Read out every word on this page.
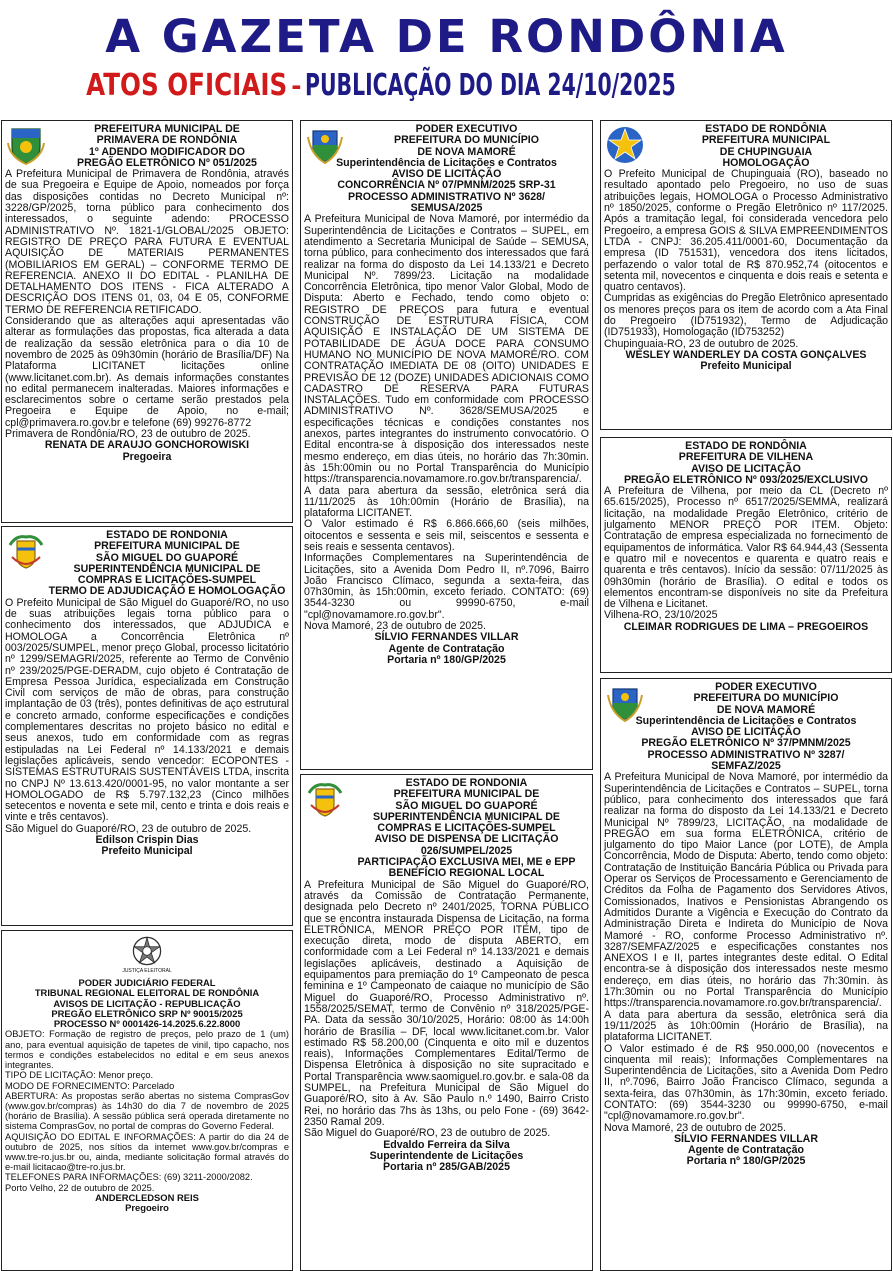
A GAZETA DE RONDÔNIA
ATOS OFICIAIS - PUBLICAÇÃO DO DIA 24/10/2025
PREFEITURA MUNICIPAL DE
PRIMAVERA DE RONDÔNIA
1º ADENDO MODIFICADOR DO
PREGÃO ELETRÔNICO Nº 051/2025
A Prefeitura Municipal de Primavera de Rondônia, através de sua Pregoeira e Equipe de Apoio, nomeados por força das disposições contidas no Decreto Municipal nº: 3228/GP/2025, torna público para conhecimento dos interessados, o seguinte adendo: PROCESSO ADMINISTRATIVO Nº. 1821-1/GLOBAL/2025 OBJETO: REGISTRO DE PREÇO PARA FUTURA E EVENTUAL AQUISIÇÃO DE MATERIAIS PERMANENTES (MOBILIARIOS EM GERAL) – CONFORME TERMO DE REFERENCIA. ANEXO II DO EDITAL - PLANILHA DE DETALHAMENTO DOS ITENS - FICA ALTERADO A DESCRIÇÃO DOS ITENS 01, 03, 04 E 05, CONFORME TERMO DE REFERENCIA RETIFICADO.
Considerando que as alterações aqui apresentadas vão alterar as formulações das propostas, fica alterada a data de realização da sessão eletrônica para o dia 10 de novembro de 2025 às 09h30min (horário de Brasília/DF) Na Plataforma LICITANET licitações online (www.licitanet.com.br). As demais informações constantes no edital permanecem inalteradas. Maiores informações e esclarecimentos sobre o certame serão prestados pela Pregoeira e Equipe de Apoio, no e-mail; cpl@primavera.ro.gov.br e telefone (69) 99276-8772
Primavera de Rondônia/RO, 23 de outubro de 2025.
RENATA DE ARAUJO GONCHOROWISKI
Pregoeira
ESTADO DE RONDONIA
PREFEITURA MUNICIPAL DE
SÃO MIGUEL DO GUAPORÉ
SUPERINTENDÊNCIA MUNICIPAL DE
COMPRAS E LICITAÇÕES-SUMPEL
TERMO DE ADJUDICAÇÃO E HOMOLOGAÇÃO
O Prefeito Municipal de São Miguel do Guaporé/RO, no uso de suas atribuições legais torna público para o conhecimento dos interessados, que ADJUDICA e HOMOLOGA a Concorrência Eletrônica nº 003/2025/SUMPEL, menor preço Global, processo licitatório nº 1299/SEMAGRI/2025, referente ao Termo de Convênio nº 239/2025/PGE-DERADM, cujo objeto é Contratação de Empresa Pessoa Jurídica, especializada em Construção Civil com serviços de mão de obras, para construção implantação de 03 (três), pontes definitivas de aço estrutural e concreto armado, conforme especificações e condições complementares descritas no projeto básico no edital e seus anexos, tudo em conformidade com as regras estipuladas na Lei Federal nº 14.133/2021 e demais legislações aplicáveis, sendo vencedor: ECOPONTES - SISTEMAS ESTRUTURAIS SUSTENTÁVEIS LTDA, inscrita no CNPJ Nº 13.613.420/0001-95, no valor montante a ser HOMOLOGADO de R$ 5.797.132,23 (Cinco milhões setecentos e noventa e sete mil, cento e trinta e dois reais e vinte e três centavos).
São Miguel do Guaporé/RO, 23 de outubro de 2025.
Edilson Crispin Dias
Prefeito Municipal
JUSTIÇA ELEITORAL
PODER JUDICIÁRIO FEDERAL
TRIBUNAL REGIONAL ELEITORAL DE RONDÔNIA
AVISOS DE LICITAÇÃO - REPUBLICAÇÃO
PREGÃO ELETRÔNICO SRP Nº 90015/2025
PROCESSO Nº 0001426-14.2025.6.22.8000
OBJETO: Formação de registro de preços, pelo prazo de 1 (um) ano, para eventual aquisição de tapetes de vinil, tipo capacho, nos termos e condições estabelecidos no edital e em seus anexos integrantes.
TIPO DE LICITAÇÃO: Menor preço.
MODO DE FORNECIMENTO: Parcelado
ABERTURA: As propostas serão abertas no sistema ComprasGov (www.gov.br/compras) às 14h30 do dia 7 de novembro de 2025 (horário de Brasília). A sessão pública será operada diretamente no sistema ComprasGov, no portal de compras do Governo Federal.
AQUISIÇÃO DO EDITAL E INFORMAÇÕES: A partir do dia 24 de outubro de 2025, nos sítios da internet www.gov.br/compras e www.tre-ro.jus.br ou, ainda, mediante solicitação formal através do e-mail licitacao@tre-ro.jus.br.
TELEFONES PARA INFORMAÇÕES: (69) 3211-2000/2082.
Porto Velho, 22 de outubro de 2025.
ANDERCLEDSON REIS
Pregoeiro
PODER EXECUTIVO
PREFEITURA DO MUNICÍPIO
DE NOVA MAMORÉ
Superintendência de Licitações e Contratos
AVISO DE LICITAÇÃO
CONCORRÊNCIA Nº 07/PMNM/2025 SRP-31
PROCESSO ADMINISTRATIVO Nº 3628/
SEMUSA/2025
A Prefeitura Municipal de Nova Mamoré, por intermédio da Superintendência de Licitações e Contratos – SUPEL, em atendimento a Secretaria Municipal de Saúde – SEMUSA, torna público, para conhecimento dos interessados que fará realizar na forma do disposto da Lei 14.133/21 e Decreto Municipal Nº. 7899/23. Licitação na modalidade Concorrência Eletrônica, tipo menor Valor Global, Modo de Disputa: Aberto e Fechado, tendo como objeto o: REGISTRO DE PREÇOS para futura e eventual CONSTRUÇÃO DE ESTRUTURA FÍSICA, COM AQUISIÇÃO E INSTALAÇÃO DE UM SISTEMA DE POTABILIDADE DE ÁGUA DOCE PARA CONSUMO HUMANO NO MUNICÍPIO DE NOVA MAMORÉ/RO. COM CONTRATAÇÃO IMEDIATA DE 08 (OITO) UNIDADES E PREVISÃO DE 12 (DOZE) UNIDADES ADICIONAIS COMO CADASTRO DE RESERVA PARA FUTURAS INSTALAÇÕES. Tudo em conformidade com PROCESSO ADMINISTRATIVO Nº. 3628/SEMUSA/2025 e especificações técnicas e condições constantes nos anexos, partes integrantes do instrumento convocatório. O Edital encontra-se à disposição dos interessados neste mesmo endereço, em dias úteis, no horário das 7h:30min. às 15h:00min ou no Portal Transparência do Município https://transparencia.novamamore.ro.gov.br/transparencia/. A data para abertura da sessão, eletrônica será dia 11/11/2025 às 10h:00min (Horário de Brasília), na plataforma LICITANET.
O Valor estimado é R$ 6.866.666,60 (seis milhões, oitocentos e sessenta e seis mil, seiscentos e sessenta e seis reais e sessenta centavos).
Informações Complementares na Superintendência de Licitações, sito a Avenida Dom Pedro II, nº.7096, Bairro João Francisco Clímaco, segunda a sexta-feira, das 07h30min, às 15h:00min, exceto feriado. CONTATO: (69) 3544-3230 ou 99990-6750, e-mail "cpl@novamamore.ro.gov.br".
Nova Mamoré, 23 de outubro de 2025.
SÍLVIO FERNANDES VILLAR
Agente de Contratação
Portaria nº 180/GP/2025
ESTADO DE RONDONIA
PREFEITURA MUNICIPAL DE
SÃO MIGUEL DO GUAPORÉ
SUPERINTENDÊNCIA MUNICIPAL DE
COMPRAS E LICITAÇÕES-SUMPEL
AVISO DE DISPENSA DE LICITAÇÃO
026/SUMPEL/2025
PARTICIPAÇÃO EXCLUSIVA MEI, ME e EPP
BENEFÍCIO REGIONAL LOCAL
A Prefeitura Municipal de São Miguel do Guaporé/RO, através da Comissão de Contratação Permanente, designada pelo Decreto nº 2401/2025, TORNA PÚBLICO que se encontra instaurada Dispensa de Licitação, na forma ELETRÔNICA, MENOR PREÇO POR ITEM, tipo de execução direta, modo de disputa ABERTO, em conformidade com a Lei Federal nº 14.133/2021 e demais legislações aplicáveis, destinado a Aquisição de equipamentos para premiação do 1º Campeonato de pesca feminina e 1º Campeonato de caiaque no município de São Miguel do Guaporé/RO, Processo Administrativo nº. 1558/2025/SEMAT, termo de Convênio nº 318/2025/PGE-PA. Data da sessão 30/10/2025, Horário: 08:00 às 14:00h horário de Brasília – DF, local www.licitanet.com.br. Valor estimado R$ 58.200,00 (Cinquenta e oito mil e duzentos reais), Informações Complementares Edital/Termo de Dispensa Eletrônica à disposição no site supracitado e Portal Transparência www.saomiguel.ro.gov.br. e sala-08 da SUMPEL, na Prefeitura Municipal de São Miguel do Guaporé/RO, sito à Av. São Paulo n.º 1490, Bairro Cristo Rei, no horário das 7hs às 13hs, ou pelo Fone - (69) 3642-2350 Ramal 209.
São Miguel do Guaporé/RO, 23 de outubro de 2025.
Edvaldo Ferreira da Silva
Superintendente de Licitações
Portaria nº 285/GAB/2025
ESTADO DE RONDÔNIA
PREFEITURA MUNICIPAL
DE CHUPINGUAIA
HOMOLOGAÇÃO
O Prefeito Municipal de Chupinguaia (RO), baseado no resultado apontado pelo Pregoeiro, no uso de suas atribuições legais, HOMOLOGA o Processo Administrativo nº 1850/2025, conforme o Pregão Eletrônico nº 117/2025. Após a tramitação legal, foi considerada vencedora pelo Pregoeiro, a empresa GOIS & SILVA EMPREENDIMENTOS LTDA - CNPJ: 36.205.411/0001-60, Documentação da empresa (ID 751531), vencedora dos itens licitados, perfazendo o valor total de R$ 870.952,74 (oitocentos e setenta mil, novecentos e cinquenta e dois reais e setenta e quatro centavos).
Cumpridas as exigências do Pregão Eletrônico apresentado os menores preços para os item de acordo com a Ata Final do Pregoeiro (ID751932), Termo de Adjudicação (ID751933), Homologação (ID753252)
Chupinguaia-RO, 23 de outubro de 2025.
WESLEY WANDERLEY DA COSTA GONÇALVES
Prefeito Municipal
ESTADO DE RONDÔNIA
PREFEITURA DE VILHENA
AVISO DE LICITAÇÃO
PREGÃO ELETRÔNICO Nº 093/2025/EXCLUSIVO
A Prefeitura de Vilhena, por meio da CL (Decreto nº 65.615/2025), Processo nº 6517/2025/SEMMA, realizará licitação, na modalidade Pregão Eletrônico, critério de julgamento MENOR PREÇO POR ITEM. Objeto: Contratação de empresa especializada no fornecimento de equipamentos de informática. Valor R$ 64.944,43 (Sessenta e quatro mil e novecentos e quarenta e quatro reais e quarenta e três centavos). Início da sessão: 07/11/2025 às 09h30min (horário de Brasília). O edital e todos os elementos encontram-se disponíveis no site da Prefeitura de Vilhena e Licitanet.
Vilhena-RO, 23/10/2025
CLEIMAR RODRIGUES DE LIMA – PREGOEIROS
PODER EXECUTIVO
PREFEITURA DO MUNICÍPIO
DE NOVA MAMORÉ
Superintendência de Licitações e Contratos
AVISO DE LICITAÇÃO
PREGÃO ELETRÔNICO Nº 37/PMNM/2025
PROCESSO ADMINISTRATIVO Nº 3287/
SEMFAZ/2025
A Prefeitura Municipal de Nova Mamoré, por intermédio da Superintendência de Licitações e Contratos – SUPEL, torna público, para conhecimento dos interessados que fará realizar na forma do disposto da Lei 14.133/21 e Decreto Municipal Nº 7899/23, LICITAÇÃO, na modalidade de PREGÃO em sua forma ELETRÔNICA, critério de julgamento do tipo Maior Lance (por LOTE), de Ampla Concorrência, Modo de Disputa: Aberto, tendo como objeto: Contratação de Instituição Bancária Pública ou Privada para Operar os Serviços de Processamento e Gerenciamento de Créditos da Folha de Pagamento dos Servidores Ativos, Comissionados, Inativos e Pensionistas Abrangendo os Admitidos Durante a Vigência e Execução do Contrato da Administração Direta e Indireta do Município de Nova Mamoré - RO, conforme Processo Administrativo nº. 3287/SEMFAZ/2025 e especificações constantes nos ANEXOS I e II, partes integrantes deste edital. O Edital encontra-se à disposição dos interessados neste mesmo endereço, em dias úteis, no horário das 7h:30min. às 17h:30min ou no Portal Transparência do Município https://transparencia.novamamore.ro.gov.br/transparencia/. A data para abertura da sessão, eletrônica será dia 19/11/2025 às 10h:00min (Horário de Brasília), na plataforma LICITANET.
O Valor estimado é de R$ 950.000,00 (novecentos e cinquenta mil reais); Informações Complementares na Superintendência de Licitações, sito a Avenida Dom Pedro II, nº.7096, Bairro João Francisco Clímaco, segunda a sexta-feira, das 07h30min, às 17h:30min, exceto feriado. CONTATO: (69) 3544-3230 ou 99990-6750, e-mail "cpl@novamamore.ro.gov.br".
Nova Mamoré, 23 de outubro de 2025.
SÍLVIO FERNANDES VILLAR
Agente de Contratação
Portaria nº 180/GP/2025
